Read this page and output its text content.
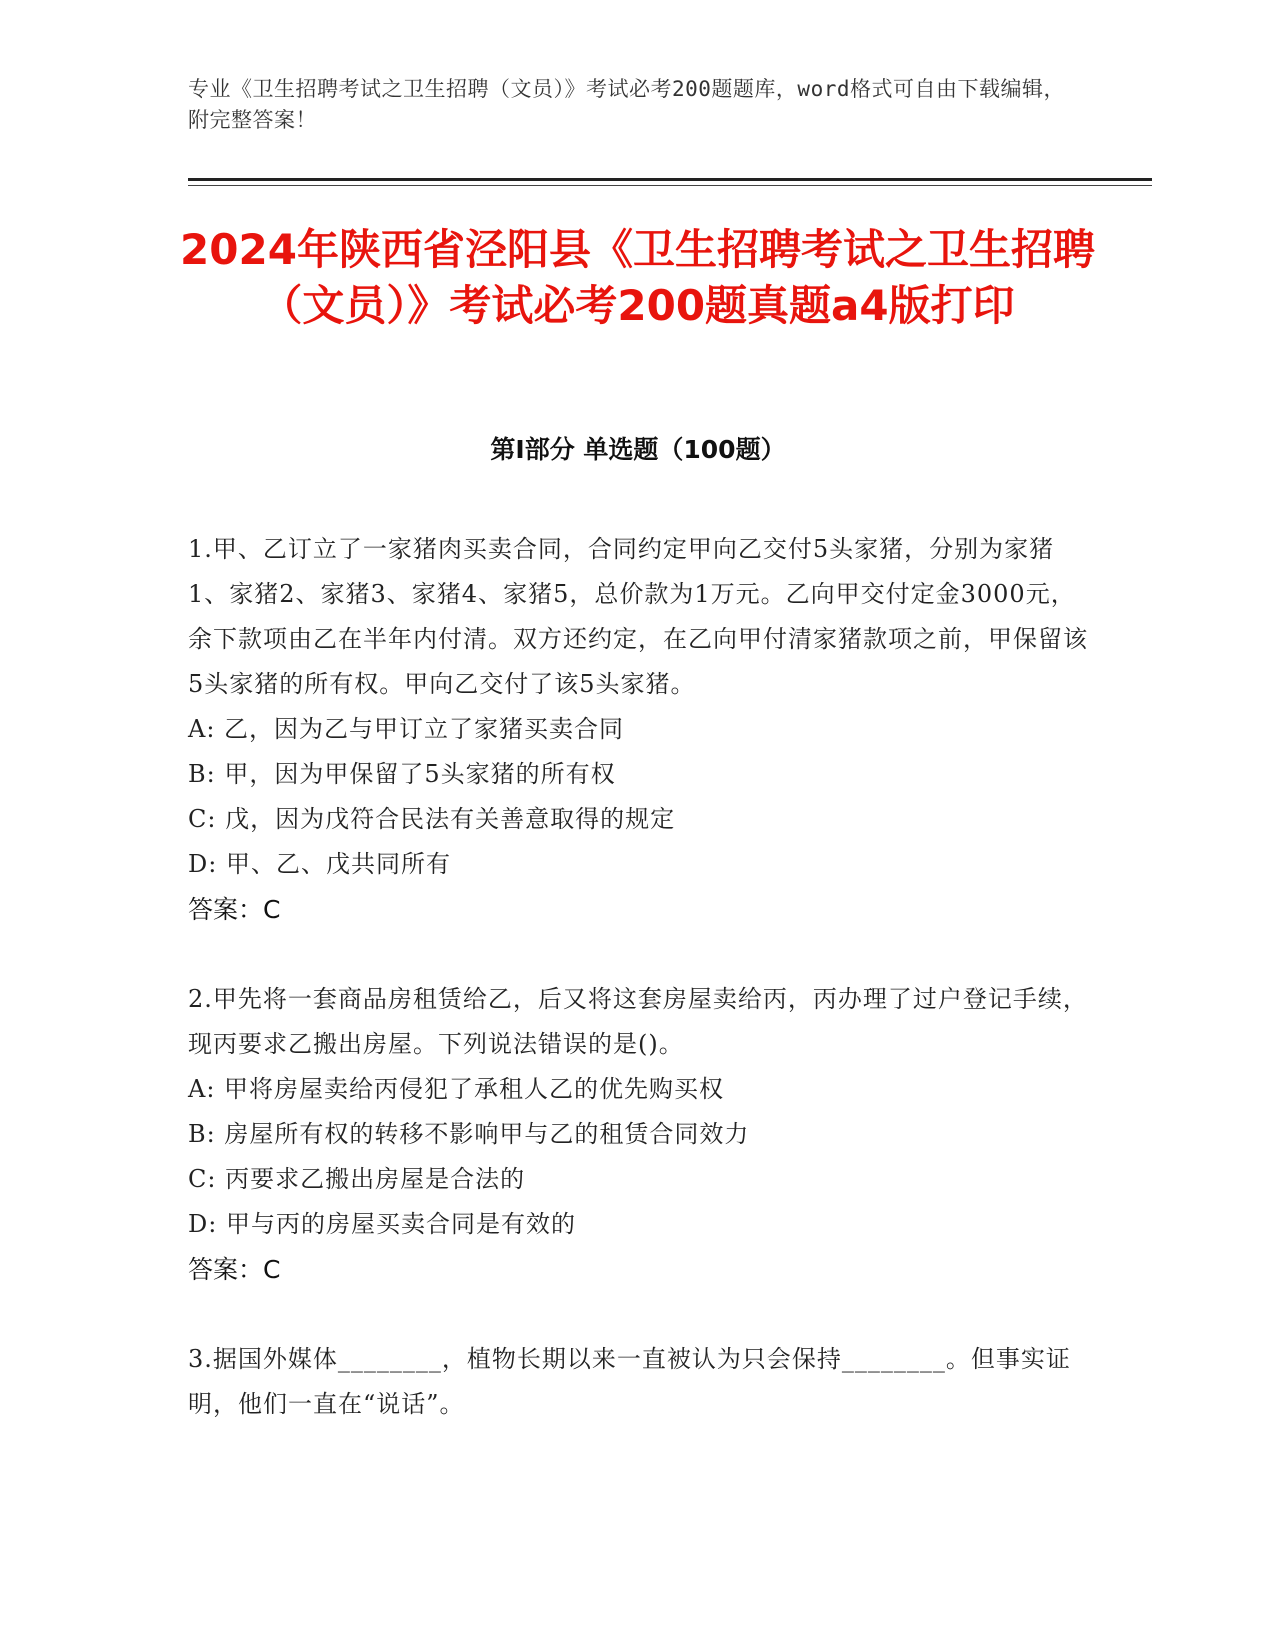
专业《卫生招聘考试之卫生招聘（文员）》考试必考200题题库，word格式可自由下载编辑，附完整答案！
2024年陕西省泾阳县《卫生招聘考试之卫生招聘（文员）》考试必考200题真题a4版打印
第I部分 单选题（100题）

1.甲、乙订立了一家猪肉买卖合同，合同约定甲向乙交付5头家猪，分别为家猪1、家猪2、家猪3、家猪4、家猪5，总价款为1万元。乙向甲交付定金3000元，余下款项由乙在半年内付清。双方还约定，在乙向甲付清家猪款项之前，甲保留该5头家猪的所有权。甲向乙交付了该5头家猪。

A: 乙，因为乙与甲订立了家猪买卖合同

B: 甲，因为甲保留了5头家猪的所有权

C: 戊，因为戊符合民法有关善意取得的规定

D: 甲、乙、戊共同所有

答案：C

2.甲先将一套商品房租赁给乙，后又将这套房屋卖给丙，丙办理了过户登记手续，现丙要求乙搬出房屋。下列说法错误的是()。

A: 甲将房屋卖给丙侵犯了承租人乙的优先购买权

B: 房屋所有权的转移不影响甲与乙的租赁合同效力

C: 丙要求乙搬出房屋是合法的

D: 甲与丙的房屋买卖合同是有效的

答案：C

3.据国外媒体________，植物长期以来一直被认为只会保持________。但事实证明，他们一直在“说话”。
